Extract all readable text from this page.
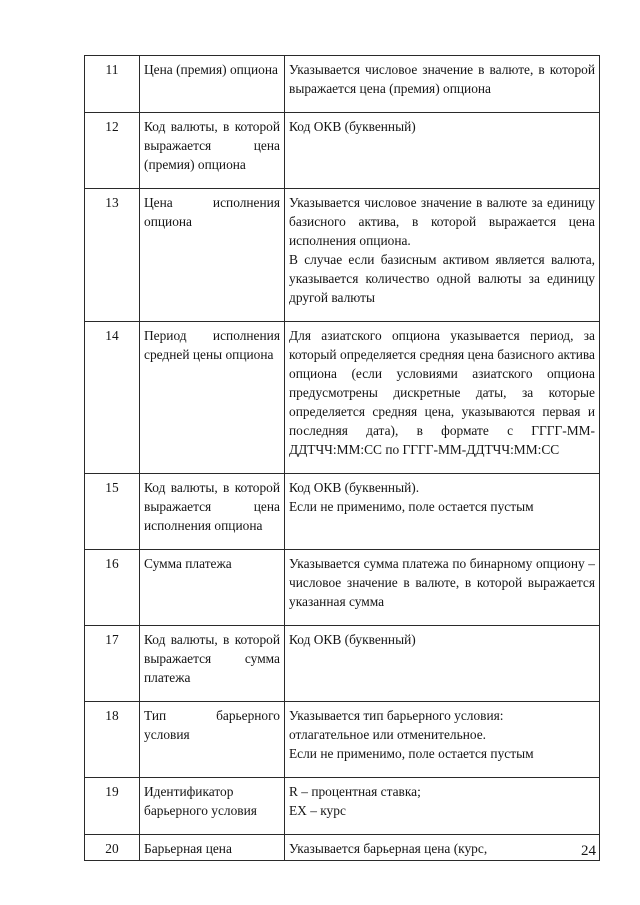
11	Цена (премия) опциона	Указывается числовое значение в валюте, в которой выражается цена (премия) опциона

12	Код валюты, в которой выражается цена (премия) опциона	Код ОКВ (буквенный)

13	Цена исполнения опциона	Указывается числовое значение в валюте за единицу базисного актива, в которой выражается цена исполнения опциона.
В случае если базисным активом является валюта, указывается количество одной валюты за единицу другой валюты

14	Период исполнения средней цены опциона	Для азиатского опциона указывается период, за который определяется средняя цена базисного актива опциона (если условиями азиатского опциона предусмотрены дискретные даты, за которые определяется средняя цена, указываются первая и последняя дата), в формате с ГГГГ-ММ-ДДТЧЧ:ММ:СС по ГГГГ-ММ-ДДТЧЧ:ММ:СС

15	Код валюты, в которой выражается цена исполнения опциона	Код ОКВ (буквенный).
Если не применимо, поле остается пустым

16	Сумма платежа	Указывается сумма платежа по бинарному опциону – числовое значение в валюте, в которой выражается указанная сумма

17	Код валюты, в которой выражается сумма платежа	Код ОКВ (буквенный)

18	Тип барьерного условия	Указывается тип барьерного условия:
отлагательное или отменительное.
Если не применимо, поле остается пустым

19	Идентификатор барьерного условия	R – процентная ставка;
EX – курс

20	Барьерная цена	Указывается барьерная цена (курс,	24
